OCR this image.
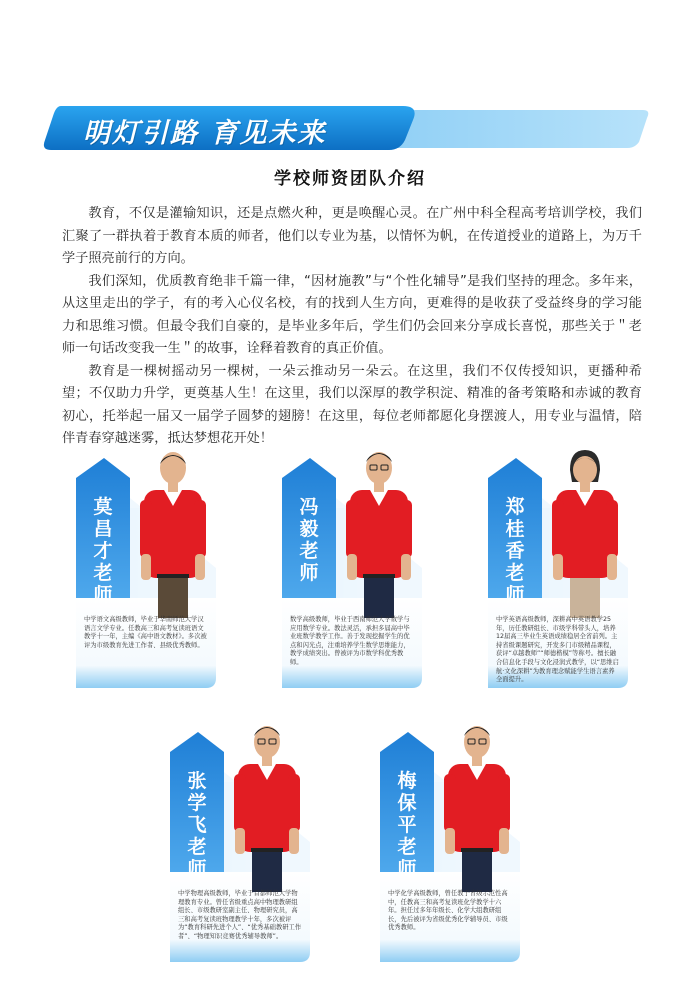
明灯引路 育见未来
学校师资团队介绍

教育，不仅是灌输知识，还是点燃火种，更是唤醒心灵。在广州中科全程高考培训学校，我们汇聚了一群执着于教育本质的师者，他们以专业为基，以情怀为帆，在传道授业的道路上，为万千学子照亮前行的方向。

我们深知，优质教育绝非千篇一律，“因材施教”与“个性化辅导”是我们坚持的理念。多年来，从这里走出的学子，有的考入心仪名校，有的找到人生方向，更难得的是收获了受益终身的学习能力和思维习惯。但最令我们自豪的，是毕业多年后，学生们仍会回来分享成长喜悦，那些关于＂老师一句话改变我一生＂的故事，诠释着教育的真正价值。

教育是一棵树摇动另一棵树，一朵云推动另一朵云。在这里，我们不仅传授知识，更播种希望；不仅助力升学，更奠基人生！在这里，我们以深厚的教学积淀、精准的备考策略和赤诚的教育初心，托举起一届又一届学子圆梦的翅膀！在这里，每位老师都愿化身摆渡人，用专业与温情，陪伴青春穿越迷雾，抵达梦想花开处！

莫昌才老师
中学语文高级教师，毕业于华南师范大学汉语言文学专业。任教高三和高考复读班语文教学十一年，主编《高中语文教材》。多次被评为市级教育先进工作者、县级优秀教师。
冯毅老师
数学高级教师，毕业于西南师范大学数学与应用数学专业。教法灵活，承担多届高中毕业班数学教学工作。善于发现挖掘学生的优点和闪光点，注重培养学生数学思维能力，教学成绩突出。曾被评为市数学科优秀教师。
郑桂香老师
中学英语高级教师，深耕高中英语教学25年，历任教研组长、市级学科带头人，培养12届高三毕业生英语成绩稳居全省前列。主持省级课题研究，开发多门市级精品课程，获评“卓越教师”“师德楷模”等称号。擅长融合信息化手段与文化浸润式教学，以“思维启航·文化深耕”为教育理念赋能学生语言素养全面提升。
张学飞老师
中学物理高级教师，毕业于首都师范大学物理教育专业。曾任省级重点高中物理教研组组长、市级教研室副主任、物理研究员，高三和高考复读班物理教学十年，多次被评为“教育科研先进个人”、“优秀基础教研工作者”、“物理知识竞赛优秀辅导教师”。
梅保平老师
中学化学高级教师，曾任教于省级示范性高中，任教高三和高考复读班化学教学十六年。担任过多年年级长、化学大组教研组长，先后被评为省级优秀化学辅导员、市级优秀教师。
